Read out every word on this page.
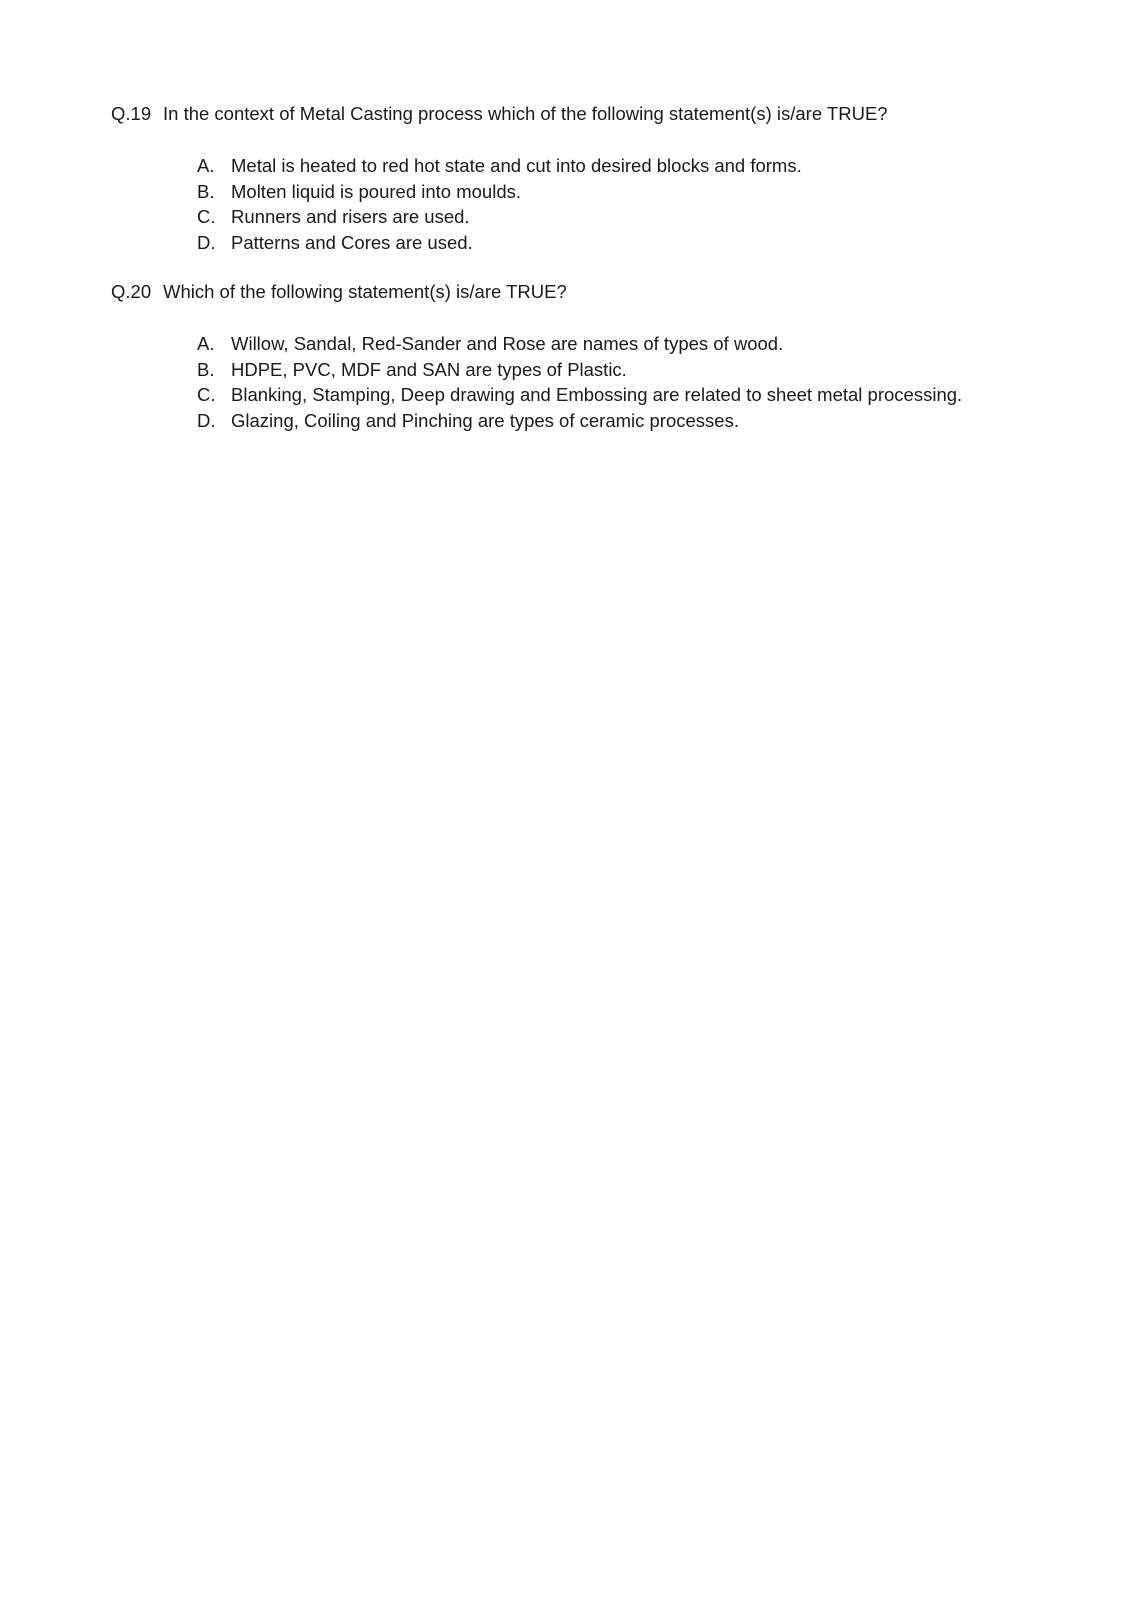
Q.19 In the context of Metal Casting process which of the following statement(s) is/are TRUE?
A. Metal is heated to red hot state and cut into desired blocks and forms.
B. Molten liquid is poured into moulds.
C. Runners and risers are used.
D. Patterns and Cores are used.
Q.20 Which of the following statement(s) is/are TRUE?
A. Willow, Sandal, Red-Sander and Rose are names of types of wood.
B. HDPE, PVC, MDF and SAN are types of Plastic.
C. Blanking, Stamping, Deep drawing and Embossing are related to sheet metal processing.
D. Glazing, Coiling and Pinching are types of ceramic processes.
